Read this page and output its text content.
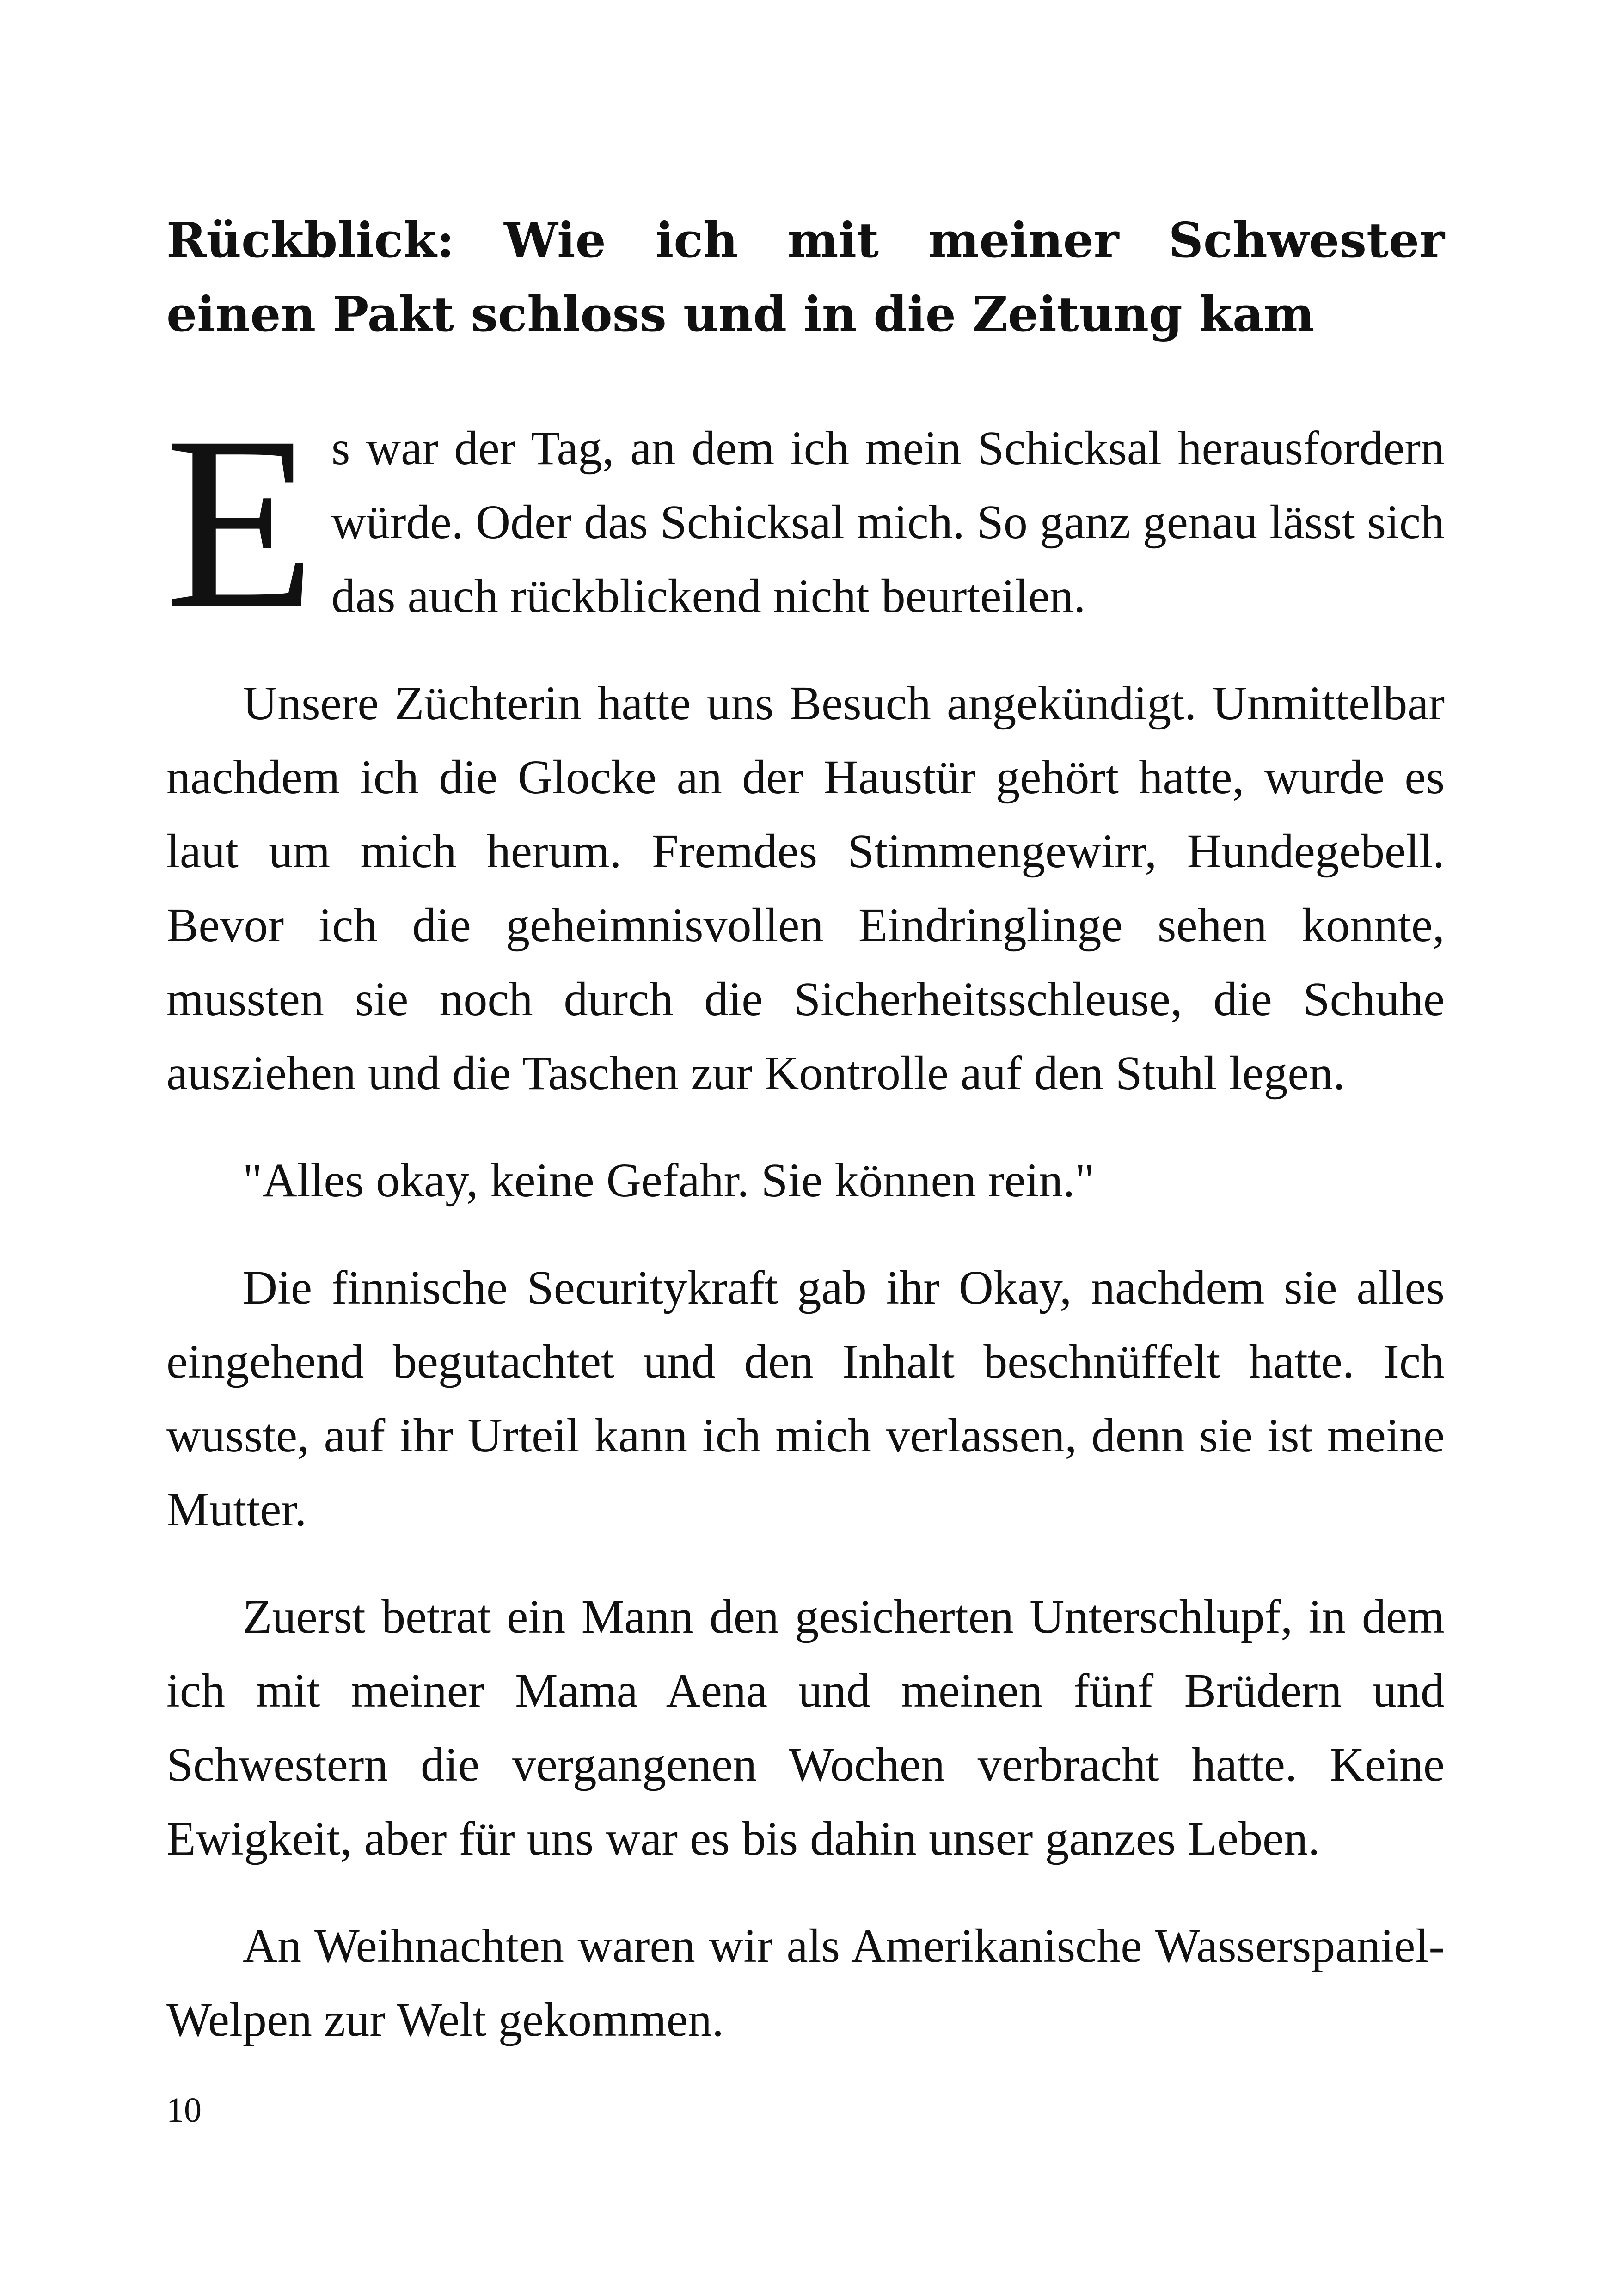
Rückblick: Wie ich mit meiner Schwester einen Pakt schloss und in die Zeitung kam

Es war der Tag, an dem ich mein Schicksal herausfordern würde. Oder das Schicksal mich. So ganz genau lässt sich das auch rückblickend nicht beurteilen.

Unsere Züchterin hatte uns Besuch angekündigt. Unmittelbar nachdem ich die Glocke an der Haustür gehört hatte, wurde es laut um mich herum. Fremdes Stimmengewirr, Hundegebell. Bevor ich die geheimnisvollen Eindringlinge sehen konnte, mussten sie noch durch die Sicherheitsschleuse, die Schuhe ausziehen und die Taschen zur Kontrolle auf den Stuhl legen.

"Alles okay, keine Gefahr. Sie können rein."

Die finnische Securitykraft gab ihr Okay, nachdem sie alles eingehend begutachtet und den Inhalt beschnüffelt hatte. Ich wusste, auf ihr Urteil kann ich mich verlassen, denn sie ist meine Mutter.

Zuerst betrat ein Mann den gesicherten Unterschlupf, in dem ich mit meiner Mama Aena und meinen fünf Brüdern und Schwestern die vergangenen Wochen verbracht hatte. Keine Ewigkeit, aber für uns war es bis dahin unser ganzes Leben.

An Weihnachten waren wir als Amerikanische Wasserspaniel-Welpen zur Welt gekommen.

10
